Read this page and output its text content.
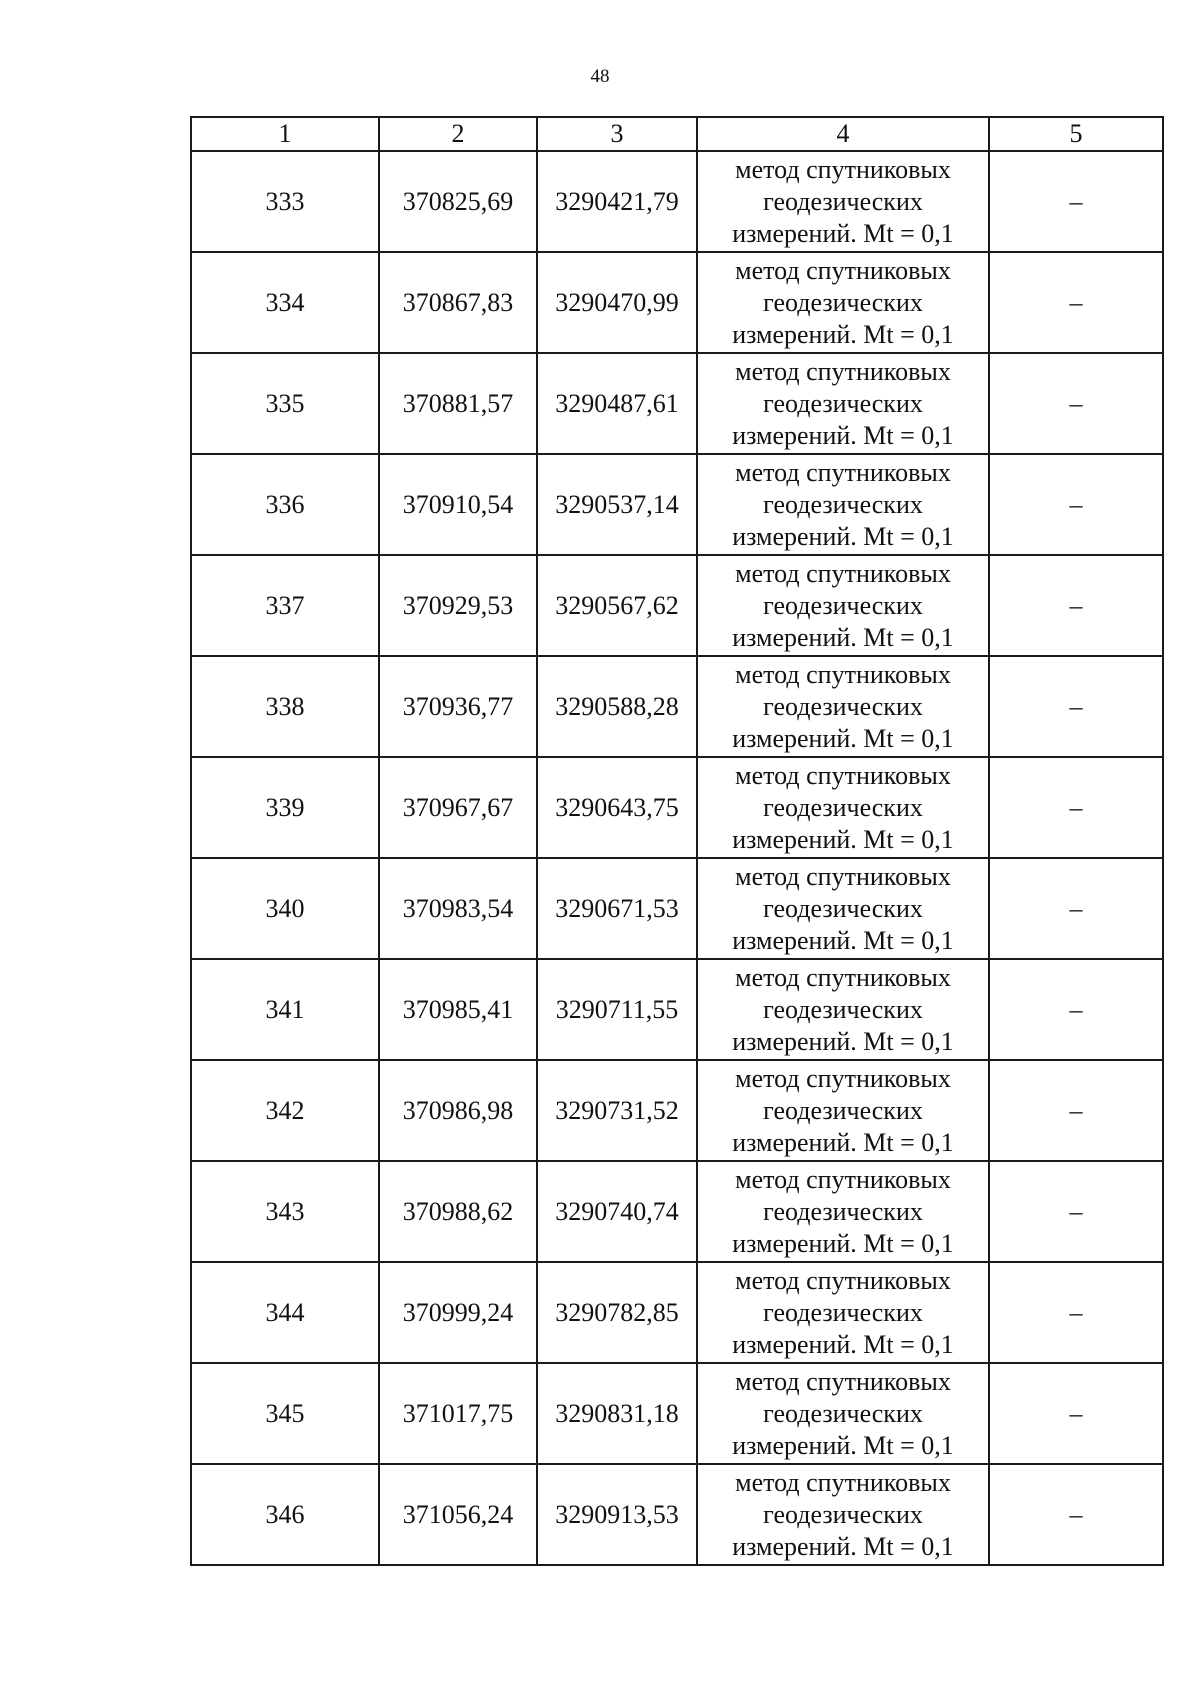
48
1	2	3	4	5
333	370825,69	3290421,79	метод спутниковых
геодезических
измерений. Mt = 0,1	–
334	370867,83	3290470,99	метод спутниковых
геодезических
измерений. Mt = 0,1	–
335	370881,57	3290487,61	метод спутниковых
геодезических
измерений. Mt = 0,1	–
336	370910,54	3290537,14	метод спутниковых
геодезических
измерений. Mt = 0,1	–
337	370929,53	3290567,62	метод спутниковых
геодезических
измерений. Mt = 0,1	–
338	370936,77	3290588,28	метод спутниковых
геодезических
измерений. Mt = 0,1	–
339	370967,67	3290643,75	метод спутниковых
геодезических
измерений. Mt = 0,1	–
340	370983,54	3290671,53	метод спутниковых
геодезических
измерений. Mt = 0,1	–
341	370985,41	3290711,55	метод спутниковых
геодезических
измерений. Mt = 0,1	–
342	370986,98	3290731,52	метод спутниковых
геодезических
измерений. Mt = 0,1	–
343	370988,62	3290740,74	метод спутниковых
геодезических
измерений. Mt = 0,1	–
344	370999,24	3290782,85	метод спутниковых
геодезических
измерений. Mt = 0,1	–
345	371017,75	3290831,18	метод спутниковых
геодезических
измерений. Mt = 0,1	–
346	371056,24	3290913,53	метод спутниковых
геодезических
измерений. Mt = 0,1	–
